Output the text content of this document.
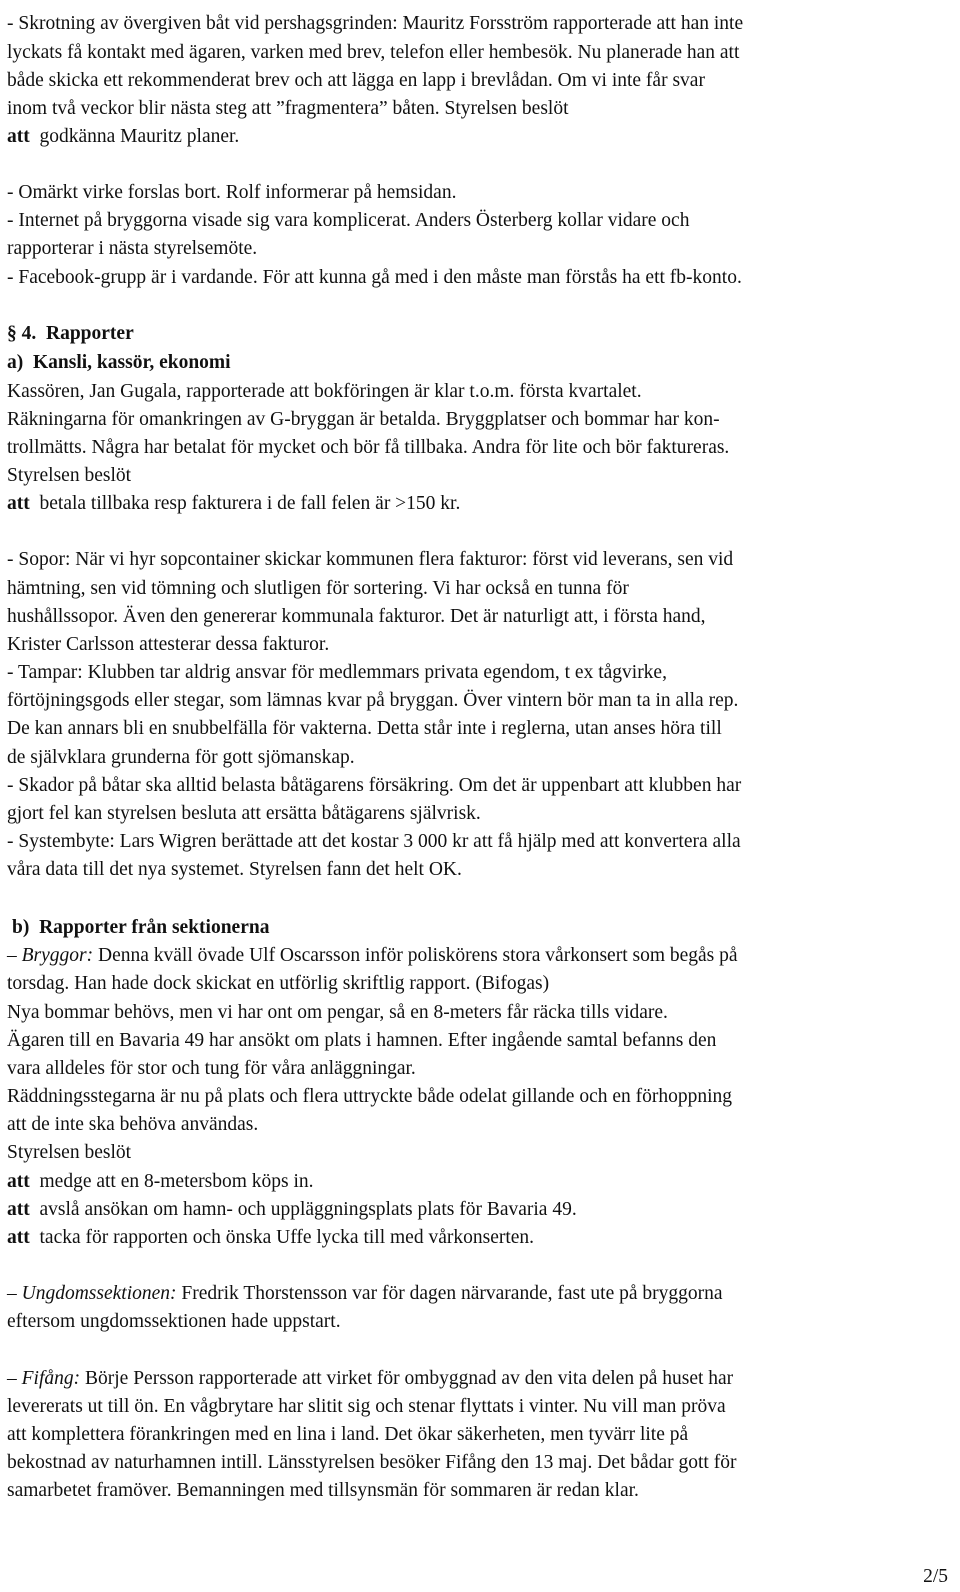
- Skrotning av övergiven båt vid pershagsgrinden: Mauritz Forsström rapporterade att han inte
lyckats få kontakt med ägaren, varken med brev, telefon eller hembesök. Nu planerade han att
både skicka ett rekommenderat brev och att lägga en lapp i brevlådan. Om vi inte får svar
inom två veckor blir nästa steg att ”fragmentera” båten. Styrelsen beslöt
att godkänna Mauritz planer.
- Omärkt virke forslas bort. Rolf informerar på hemsidan.
- Internet på bryggorna visade sig vara komplicerat. Anders Österberg kollar vidare och
rapporterar i nästa styrelsemöte.
- Facebook-grupp är i vardande. För att kunna gå med i den måste man förstås ha ett fb-konto.
§ 4. Rapporter
a)  Kansli, kassör, ekonomi
Kassören, Jan Gugala, rapporterade att bokföringen är klar t.o.m. första kvartalet.
Räkningarna för omankringen av G-bryggan är betalda. Bryggplatser och bommar har kon-
trollmätts. Några har betalat för mycket och bör få tillbaka. Andra för lite och bör faktureras.
Styrelsen beslöt
att betala tillbaka resp fakturera i de fall felen är >150 kr.
- Sopor: När vi hyr sopcontainer skickar kommunen flera fakturor: först vid leverans, sen vid
hämtning, sen vid tömning och slutligen för sortering. Vi har också en tunna för
hushållssopor. Även den genererar kommunala fakturor. Det är naturligt att, i första hand,
Krister Carlsson attesterar dessa fakturor.
- Tampar: Klubben tar aldrig ansvar för medlemmars privata egendom, t ex tågvirke,
förtöjningsgods eller stegar, som lämnas kvar på bryggan. Över vintern bör man ta in alla rep.
De kan annars bli en snubbelfälla för vakterna. Detta står inte i reglerna, utan anses höra till
de självklara grunderna för gott sjömanskap.
- Skador på båtar ska alltid belasta båtägarens försäkring. Om det är uppenbart att klubben har
gjort fel kan styrelsen besluta att ersätta båtägarens självrisk.
- Systembyte: Lars Wigren berättade att det kostar 3 000 kr att få hjälp med att konvertera alla
våra data till det nya systemet. Styrelsen fann det helt OK.
b)  Rapporter från sektionerna
– Bryggor: Denna kväll övade Ulf Oscarsson inför poliskörens stora vårkonsert som begås på
torsdag. Han hade dock skickat en utförlig skriftlig rapport. (Bifogas)
Nya bommar behövs, men vi har ont om pengar, så en 8-meters får räcka tills vidare.
Ägaren till en Bavaria 49 har ansökt om plats i hamnen. Efter ingående samtal befanns den
vara alldeles för stor och tung för våra anläggningar.
Räddningsstegarna är nu på plats och flera uttryckte både odelat gillande och en förhoppning
att de inte ska behöva användas.
Styrelsen beslöt
att medge att en 8-metersbom köps in.
att avslå ansökan om hamn- och uppläggningsplats plats för Bavaria 49.
att tacka för rapporten och önska Uffe lycka till med vårkonserten.
– Ungdomssektionen: Fredrik Thorstensson var för dagen närvarande, fast ute på bryggorna
eftersom ungdomssektionen hade uppstart.
– Fifång: Börje Persson rapporterade att virket för ombyggnad av den vita delen på huset har
levererats ut till ön. En vågbrytare har slitit sig och stenar flyttats i vinter. Nu vill man pröva
att komplettera förankringen med en lina i land. Det ökar säkerheten, men tyvärr lite på
bekostnad av naturhamnen intill. Länsstyrelsen besöker Fifång den 13 maj. Det bådar gott för
samarbetet framöver. Bemanningen med tillsynsmän för sommaren är redan klar.
2/5
